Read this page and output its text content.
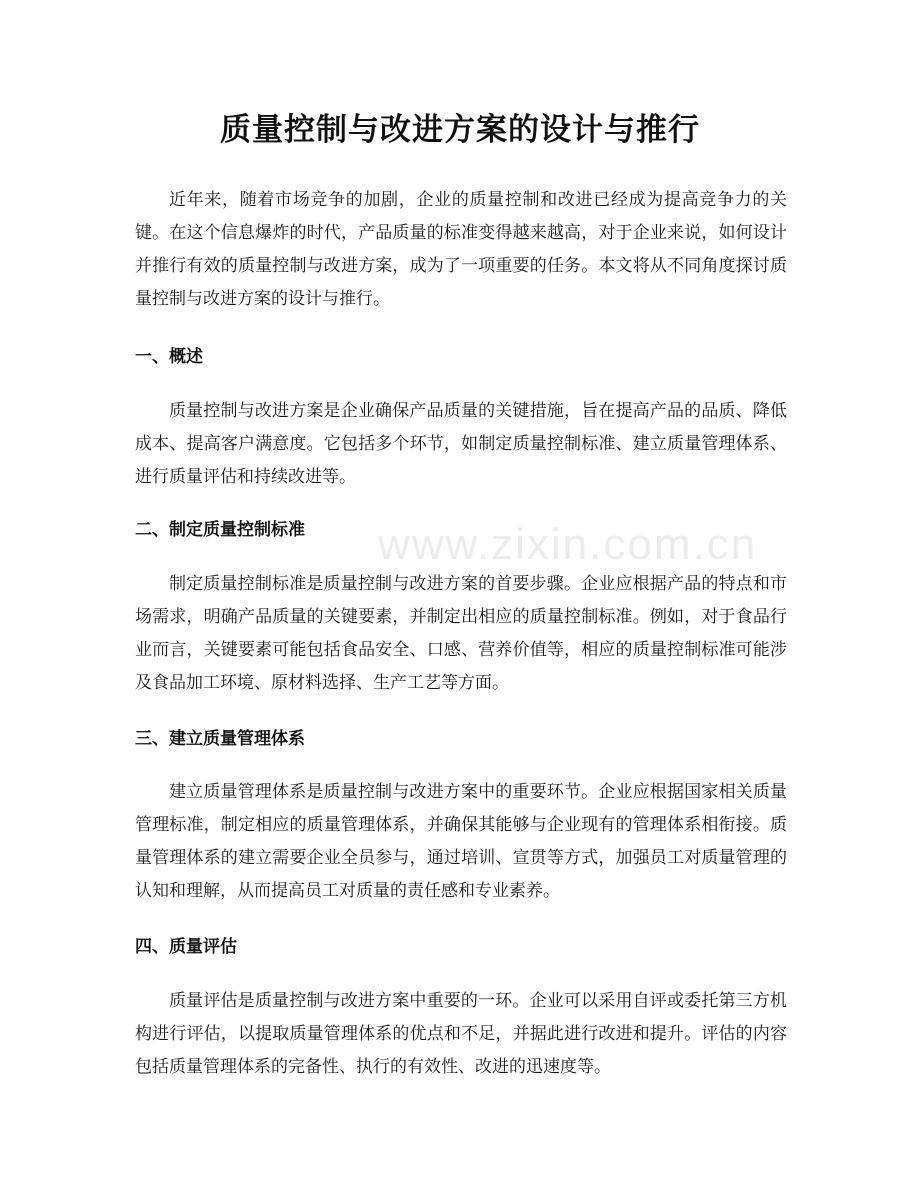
质量控制与改进方案的设计与推行

近年来，随着市场竞争的加剧，企业的质量控制和改进已经成为提高竞争力的关键。在这个信息爆炸的时代，产品质量的标准变得越来越高，对于企业来说，如何设计并推行有效的质量控制与改进方案，成为了一项重要的任务。本文将从不同角度探讨质量控制与改进方案的设计与推行。

一、概述

质量控制与改进方案是企业确保产品质量的关键措施，旨在提高产品的品质、降低成本、提高客户满意度。它包括多个环节，如制定质量控制标准、建立质量管理体系、进行质量评估和持续改进等。

二、制定质量控制标准

制定质量控制标准是质量控制与改进方案的首要步骤。企业应根据产品的特点和市场需求，明确产品质量的关键要素，并制定出相应的质量控制标准。例如，对于食品行业而言，关键要素可能包括食品安全、口感、营养价值等，相应的质量控制标准可能涉及食品加工环境、原材料选择、生产工艺等方面。

三、建立质量管理体系

建立质量管理体系是质量控制与改进方案中的重要环节。企业应根据国家相关质量管理标准，制定相应的质量管理体系，并确保其能够与企业现有的管理体系相衔接。质量管理体系的建立需要企业全员参与，通过培训、宣贯等方式，加强员工对质量管理的认知和理解，从而提高员工对质量的责任感和专业素养。

四、质量评估

质量评估是质量控制与改进方案中重要的一环。企业可以采用自评或委托第三方机构进行评估，以提取质量管理体系的优点和不足，并据此进行改进和提升。评估的内容包括质量管理体系的完备性、执行的有效性、改进的迅速度等。

www.zixin.com.cn
